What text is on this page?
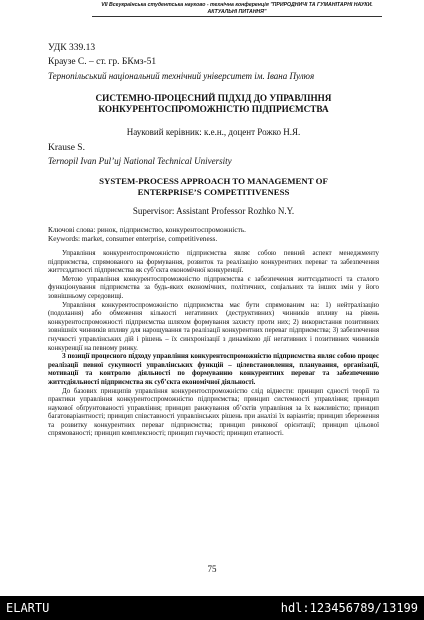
VII Всеукраїнська студентська науково - технічна конференція "ПРИРОДНИЧІ ТА ГУМАНІТАРНІ НАУКИ.
АКТУАЛЬНІ ПИТАННЯ"
УДК 339.13
Краузе С. – ст. гр. БКмз-51
Тернопільський національний технічний університет ім. Івана Пулюя
СИСТЕМНО-ПРОЦЕСНИЙ ПІДХІД ДО УПРАВЛІННЯ
КОНКУРЕНТОСПРОМОЖНІСТЮ ПІДПРИЄМСТВА
Науковий керівник: к.е.н., доцент Рожко Н.Я.
Krause S.
Ternopil Ivan Pul’uj National Technical University
SYSTEM-PROCESS APPROACH TO MANAGEMENT OF
ENTERPRISE’S COMPETITIVENESS
Supervisor: Assistant Professor Rozhko N.Y.
Ключові слова: ринок, підприємство, конкурентоспроможність.
Keywords: market, consumer enterprise, competitiveness.

Управління конкурентоспроможністю підприємства являє собою певний аспект менеджменту підприємства, спрямованого на формування, розвиток та реалізацію конкурентних переваг та забезпечення життєздатності підприємства як суб’єкта економічної конкуренції.

Метою управління конкурентоспроможністю підприємства є забезпечення життєздатності та сталого функціонування підприємства за будь-яких економічних, політичних, соціальних та інших змін у його зовнішньому середовищі.

Управління конкурентоспроможністю підприємства має бути спрямованим на: 1) нейтралізацію (подолання) або обмеження кількості негативних (деструктивних) чинників впливу на рівень конкурентоспроможності підприємства шляхом формування захисту проти них; 2) використання позитивних зовнішніх чинників впливу для нарощування та реалізації конкурентних переваг підприємства; 3) забезпечення гнучкості управлінських дій і рішень – їх синхронізації з динамікою дії негативних і позитивних чинників конкуренції на певному ринку.

З позиції процесного підходу управління конкурентоспроможністю підприємства являє собою процес реалізації певної сукупності управлінських функцій – цілевстановлення, планування, організації, мотивації та контролю діяльності по формуванню конкурентних переваг та забезпеченню життєдіяльності підприємства як суб’єкта економічної діяльності.

До базових принципів управління конкурентоспроможністю слід віднести: принцип єдності теорії та практики управління конкурентоспроможністю підприємства; принцип системності управління; принцип наукової обґрунтованості управління; принцип ранжування об’єктів управління за їх важливістю; принцип багатоваріантності; принцип співставності управлінських рішень при аналізі їх варіантів; принцип збереження та розвитку конкурентних переваг підприємства; принцип ринкової орієнтації; принцип цільової спрямованості; принцип комплексності; принцип гнучкості; принцип етапності.

75
ELARTU	hdl:123456789/13199
